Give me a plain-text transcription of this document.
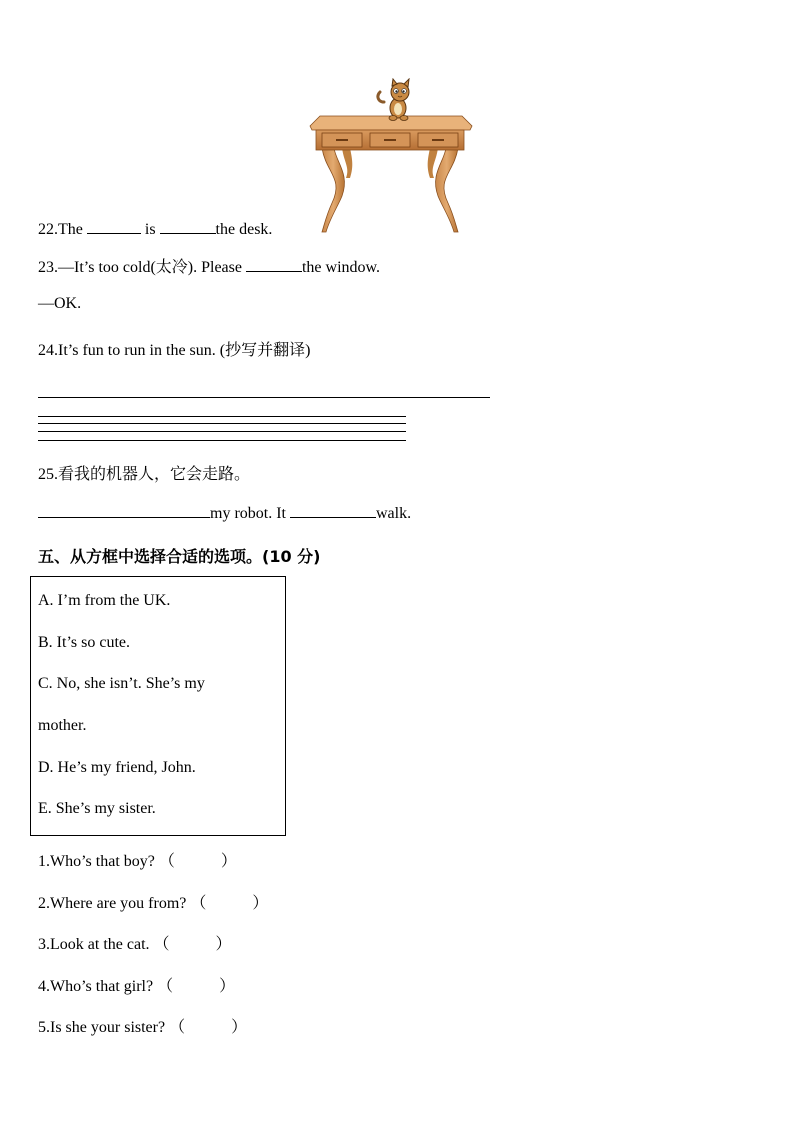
22.The	is	the desk.
23.—It’s too cold(太冷). Please	the window.
—OK.
24.It’s fun to run in the sun. (抄写并翻译)
25.看我的机器人，它会走路。
my robot. It	walk.
五、从方框中选择合适的选项。(10 分)
A. I’m from the UK.
B. It’s so cute.
C. No, she isn’t. She’s my
mother.
D. He’s my friend, John.
E. She’s my sister.
1.Who’s that boy? （	）
2.Where are you from? （	）
3.Look at the cat. （	）
4.Who’s that girl? （	）
5.Is she your sister? （	）
